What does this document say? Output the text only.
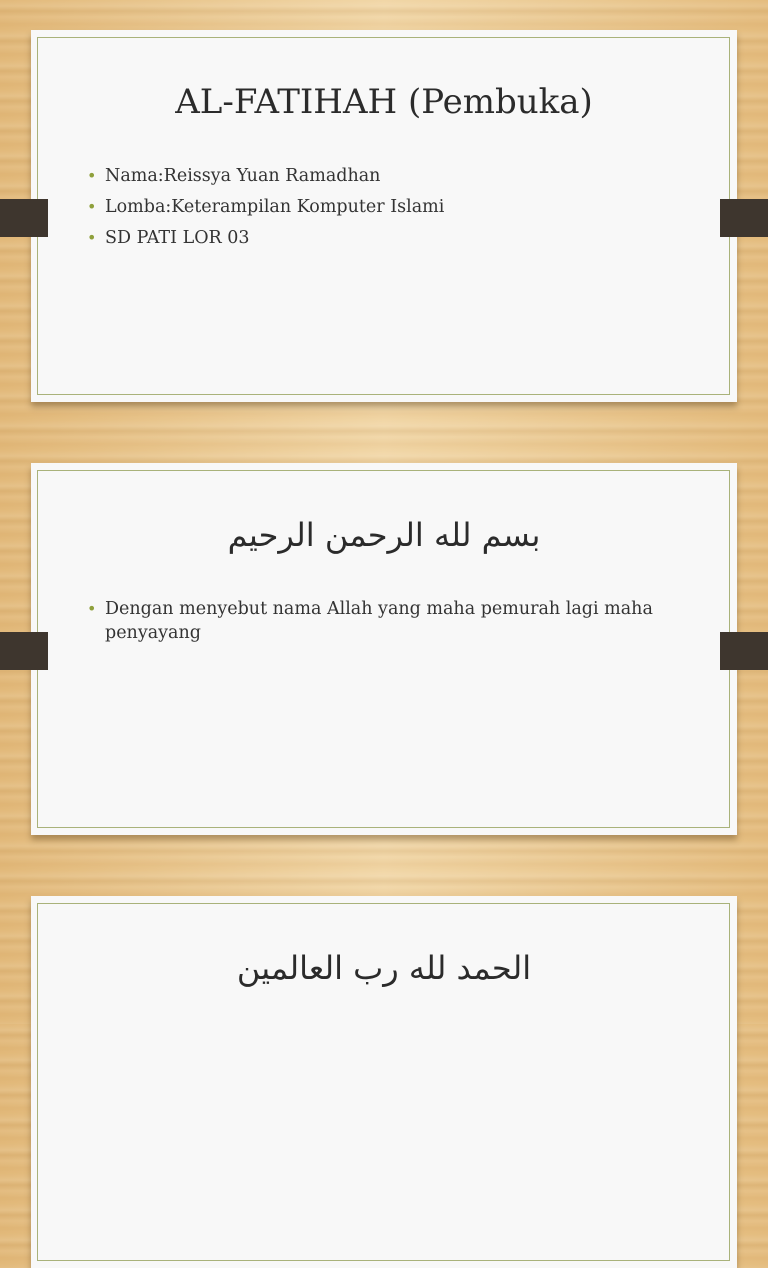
AL-FATIHAH (Pembuka)
• Nama:Reissya Yuan Ramadhan
• Lomba:Keterampilan Komputer Islami
• SD PATI LOR 03
بسم لله الرحمن الرحيم
• Dengan menyebut nama Allah yang maha pemurah lagi maha penyayang
الحمد لله رب العالمين
